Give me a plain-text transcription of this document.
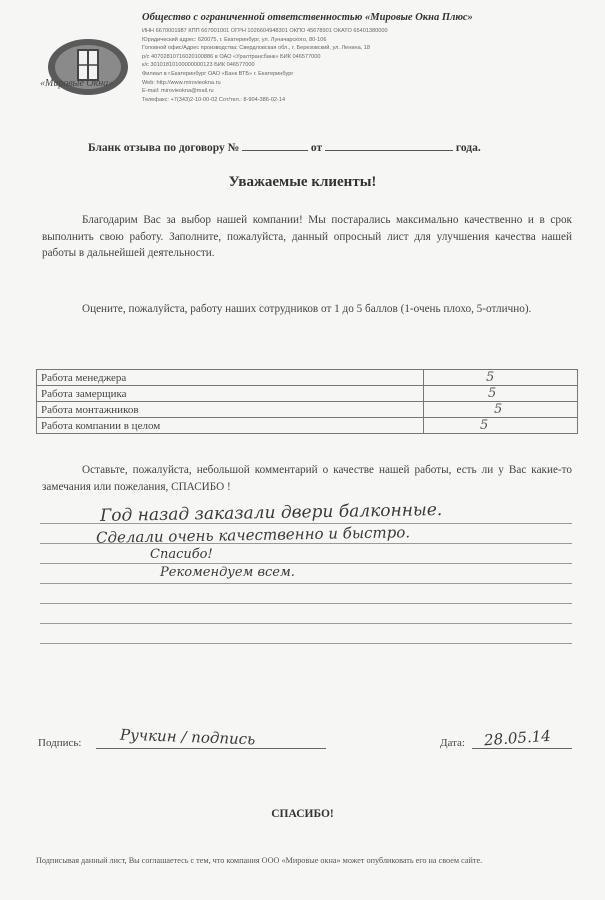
«Мировые Окна»
Общество с ограниченной ответственностью «Мировые Окна Плюс»
ИНН 6670001987 КПП 667001001 ОГРН 1026604948301 ОКПО 45678901 ОКАТО 65401380000
Юридический адрес: 620075, г. Екатеринбург, ул. Луначарского, 80-106
Головной офис/Адрес производства: Свердловская обл., г. Березовский, ул. Ленина, 18
р/с 40702810716020100886 в ОАО «Уралтрансбанк» БИК 046577000
к/с 30101810100000000123 БИК 046577000
Филиал в г.Екатеринбург ОАО «Банк ВТБ» г. Екатеринбург
Web: http://www.mirovieokna.ru
E-mail: mirovieokna@mail.ru
Телефакс: +7(343)2-10-00-02 Сот/тел.: 8-904-386-02-14
Бланк отзыва по договору №	от	года.
Уважаемые клиенты!
Благодарим Вас за выбор нашей компании! Мы постарались максимально качественно и в срок выполнить свою работу. Заполните, пожалуйста, данный опросный лист для улучшения качества нашей работы в дальнейшей деятельности.
Оцените, пожалуйста, работу наших сотрудников от 1 до 5 баллов (1-очень плохо, 5-отлично).
Работа менеджера	5
Работа замерщика	5
Работа монтажников	5
Работа компании в целом	5
Оставьте, пожалуйста, небольшой комментарий о качестве нашей работы, есть ли у Вас какие-то замечания или пожелания, СПАСИБО !
Год назад заказали двери балконные.
Сделали очень качественно и быстро.
Спасибо!
Рекомендуем всем.
Подпись:	Ручкин / подпись	Дата: 28.05.14
СПАСИБО!
Подписывая данный лист, Вы соглашаетесь с тем, что компания ООО «Мировые окна» может опубликовать его на своем сайте.
